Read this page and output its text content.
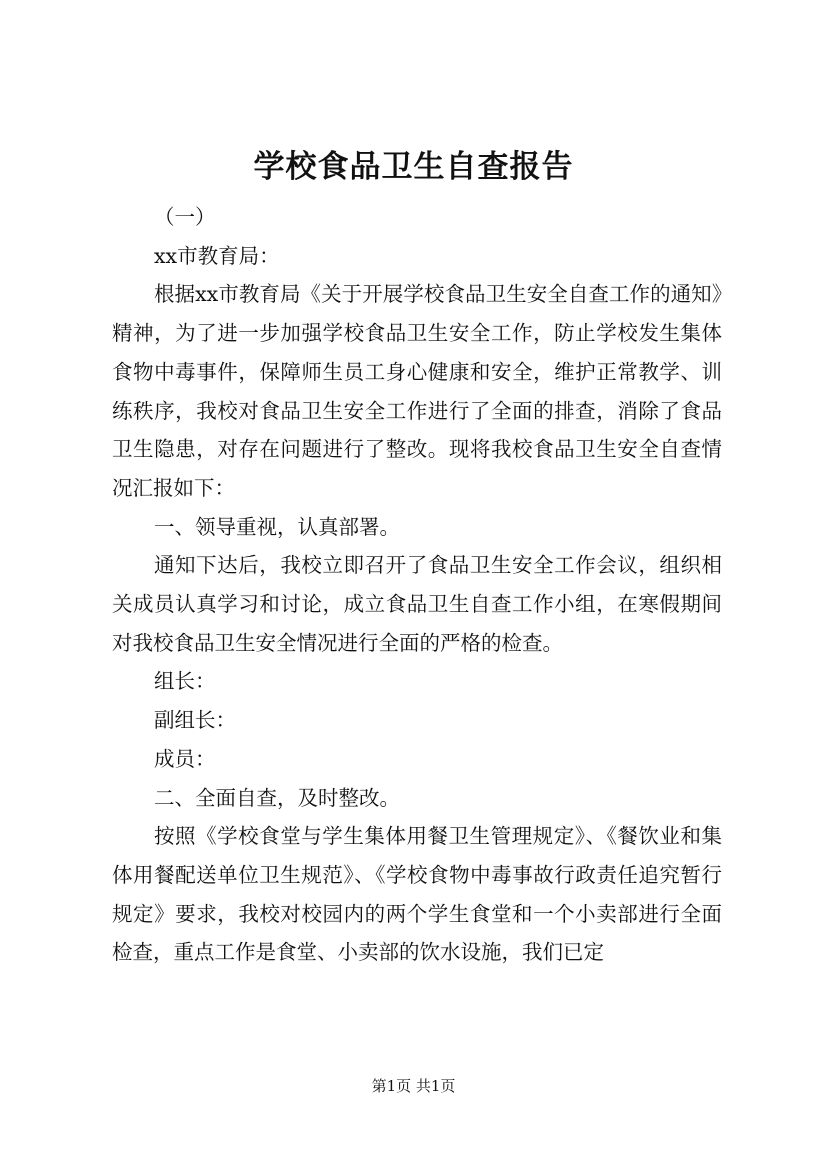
学校食品卫生自查报告

（一）

xx市教育局：

根据xx市教育局《关于开展学校食品卫生安全自查工作的通知》精神，为了进一步加强学校食品卫生安全工作，防止学校发生集体食物中毒事件，保障师生员工身心健康和安全，维护正常教学、训练秩序，我校对食品卫生安全工作进行了全面的排查，消除了食品卫生隐患，对存在问题进行了整改。现将我校食品卫生安全自查情况汇报如下：

一、领导重视，认真部署。

通知下达后，我校立即召开了食品卫生安全工作会议，组织相关成员认真学习和讨论，成立食品卫生自查工作小组，在寒假期间对我校食品卫生安全情况进行全面的严格的检查。

组长：

副组长：

成员：

二、全面自查，及时整改。

按照《学校食堂与学生集体用餐卫生管理规定》、《餐饮业和集体用餐配送单位卫生规范》、《学校食物中毒事故行政责任追究暂行规定》要求，我校对校园内的两个学生食堂和一个小卖部进行全面检查，重点工作是食堂、小卖部的饮水设施，我们已定

第1页 共1页
